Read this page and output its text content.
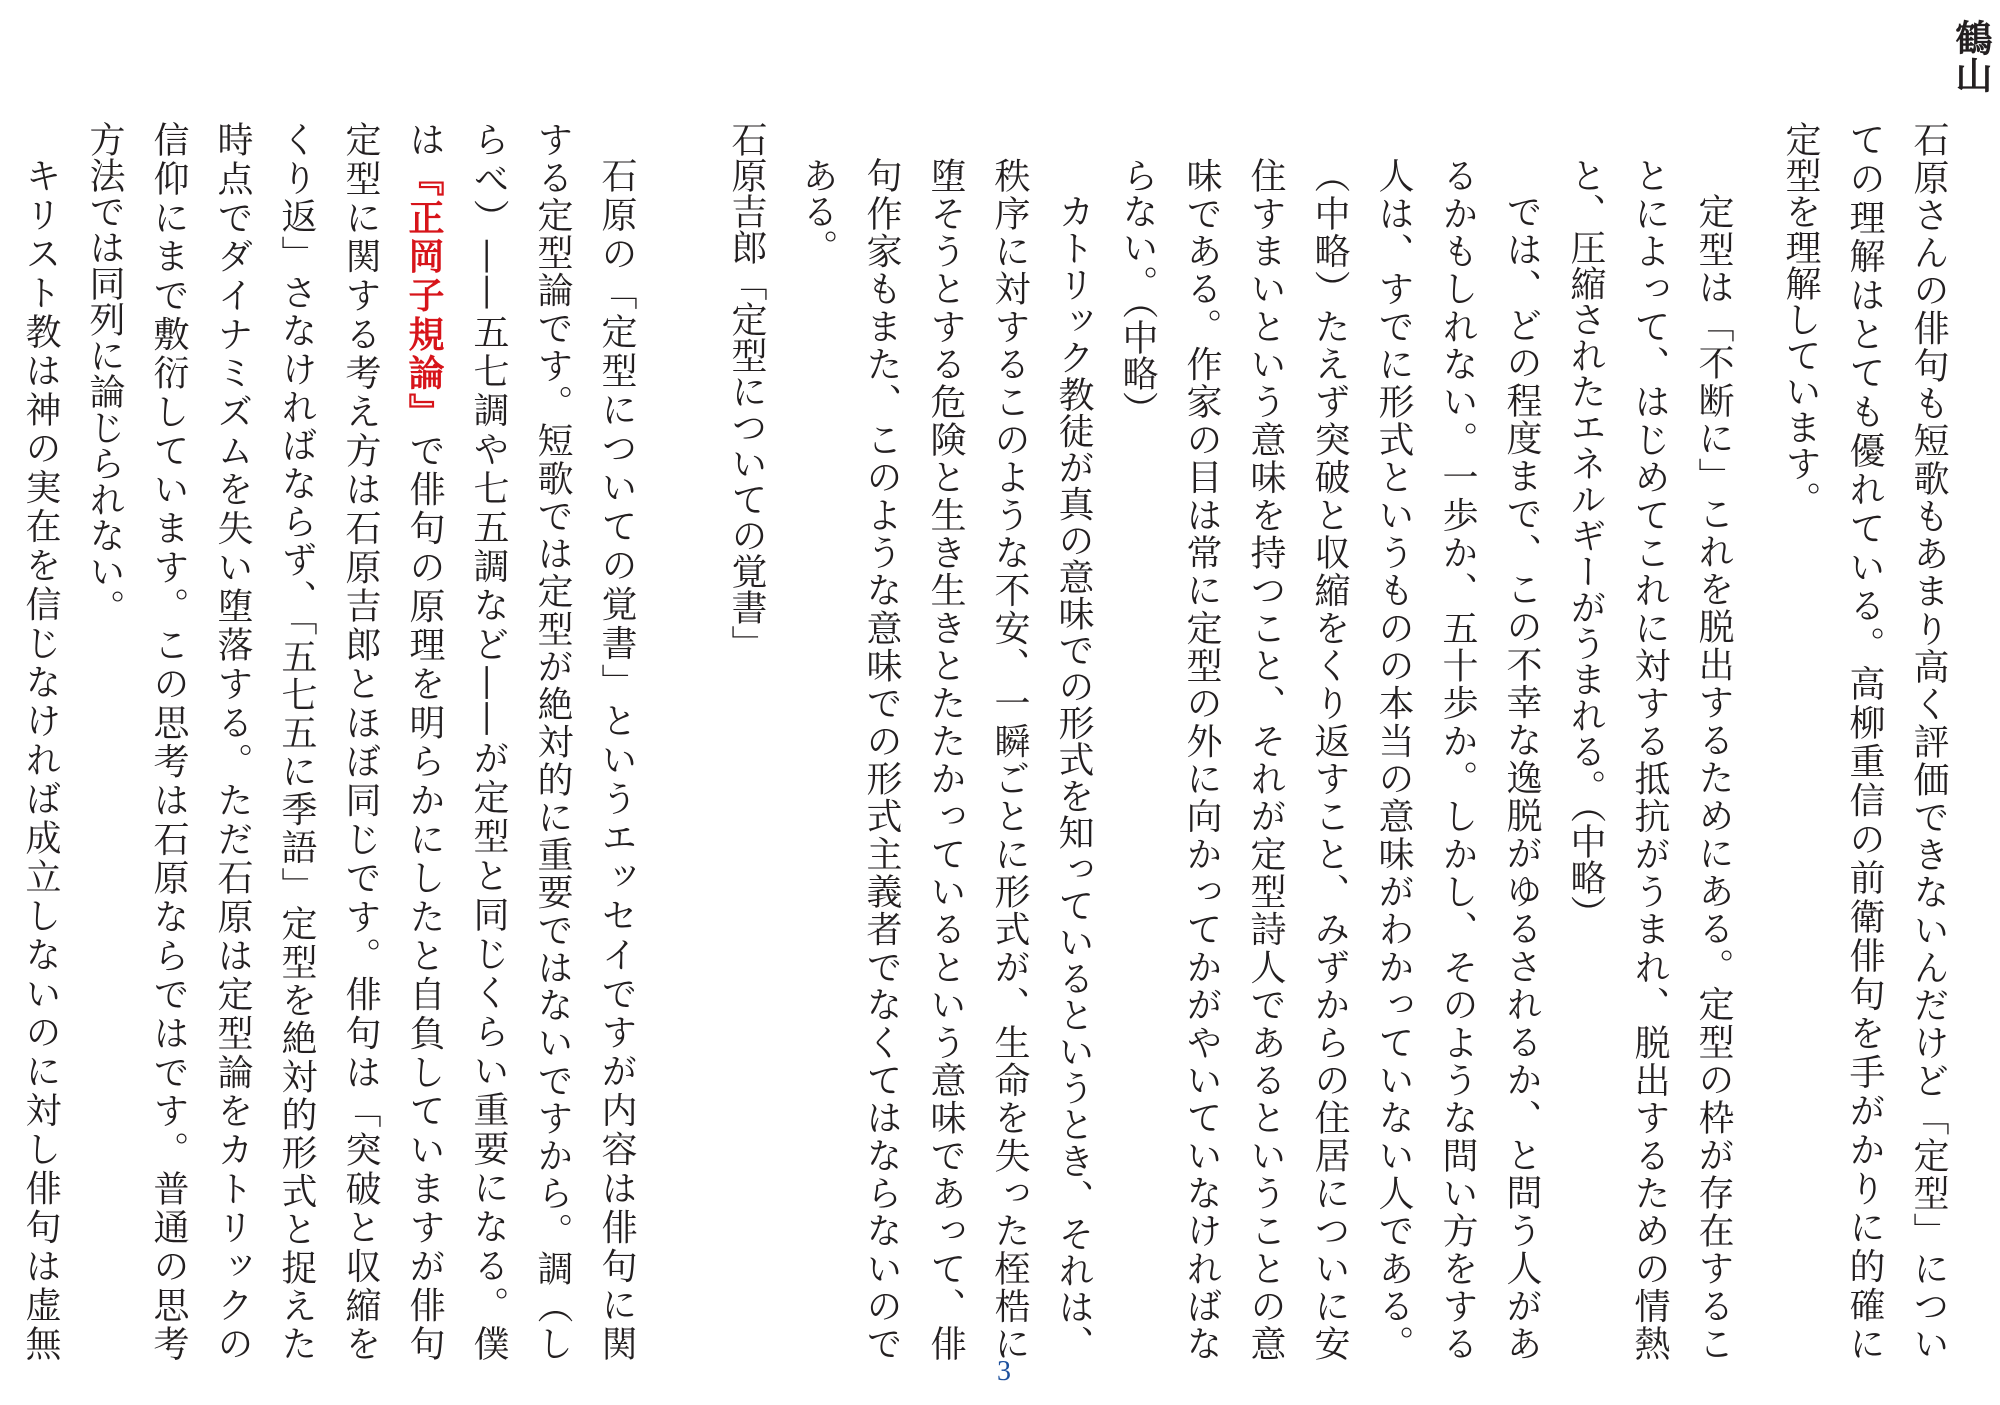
鶴山
石原さんの俳句も短歌もあまり高く評価できないんだけど「定型」につい
ての理解はとても優れている。高柳重信の前衛俳句を手がかりに的確に
定型を理解しています。
定型は「不断に」これを脱出するためにある。定型の枠が存在するこ
とによって、はじめてこれに対する抵抗がうまれ、脱出するための情熱
と、圧縮されたエネルギーがうまれる。（中略）
では、どの程度まで、この不幸な逸脱がゆるされるか、と問う人があ
るかもしれない。一歩か、五十歩か。しかし、そのような問い方をする
人は、すでに形式というものの本当の意味がわかっていない人である。
（中略）たえず突破と収縮をくり返すこと、みずからの住居についに安
住すまいという意味を持つこと、それが定型詩人であるということの意
味である。作家の目は常に定型の外に向かってかがやいていなければな
らない。（中略）
カトリック教徒が真の意味での形式を知っているというとき、それは、
秩序に対するこのような不安、一瞬ごとに形式が、生命を失った桎梏に
堕そうとする危険と生き生きとたたかっているという意味であって、俳
句作家もまた、このような意味での形式主義者でなくてはならないので
ある。
石原吉郎「定型についての覚書」
石原の「定型についての覚書」というエッセイですが内容は俳句に関
する定型論です。短歌では定型が絶対的に重要ではないですから。調（し
らべ）——五七調や七五調など——が定型と同じくらい重要になる。僕
は『正岡子規論』で俳句の原理を明らかにしたと自負していますが俳句
定型に関する考え方は石原吉郎とほぼ同じです。俳句は「突破と収縮を
くり返」さなければならず、「五七五に季語」定型を絶対的形式と捉えた
時点でダイナミズムを失い堕落する。ただ石原は定型論をカトリックの
信仰にまで敷衍しています。この思考は石原ならではです。普通の思考
方法では同列に論じられない。
キリスト教は神の実在を信じなければ成立しないのに対し俳句は虚無
3
